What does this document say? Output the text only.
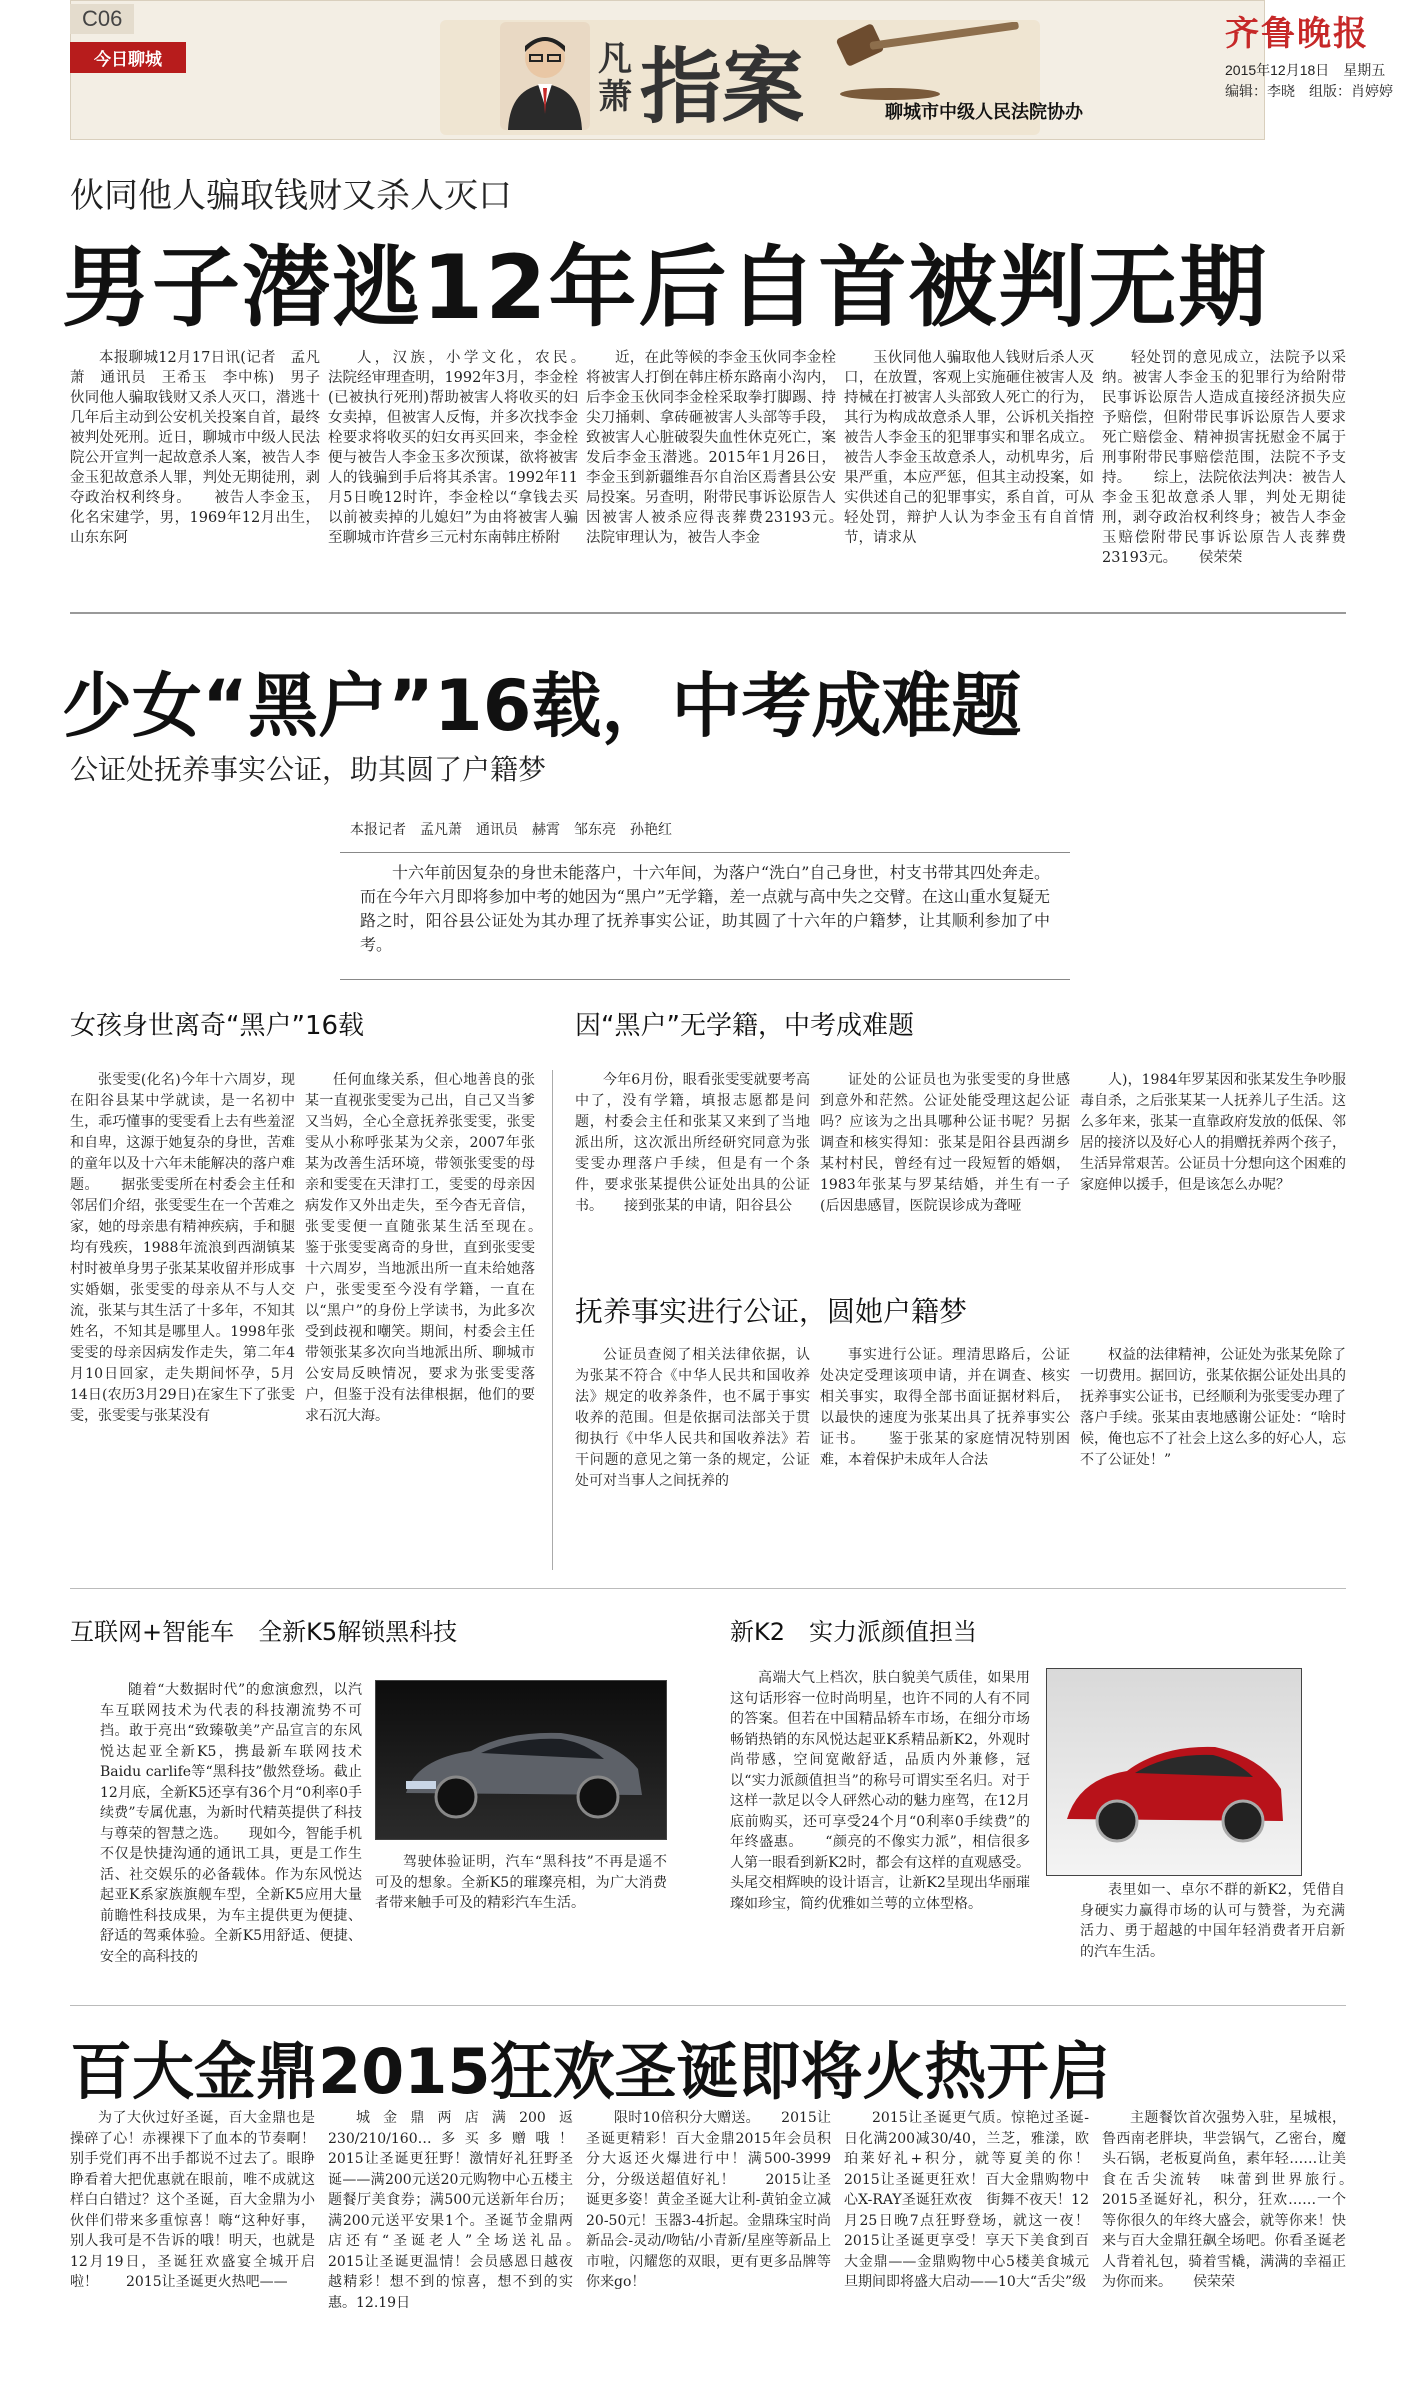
C06
今日聊城	凡萧 指案	聊城市中级人民法院协办
齐鲁晚报
2015年12月18日　星期五
编辑：李晓　组版：肖婷婷
伙同他人骗取钱财又杀人灭口
男子潜逃12年后自首被判无期

本报聊城12月17日讯(记者　孟凡萧　通讯员　王希玉　李中栋)　男子伙同他人骗取钱财又杀人灭口，潜逃十几年后主动到公安机关投案自首，最终被判处死刑。近日，聊城市中级人民法院公开宣判一起故意杀人案，被告人李金玉犯故意杀人罪，判处无期徒刑，剥夺政治权利终身。　　被告人李金玉，化名宋建学，男，1969年12月出生，山东东阿

人，汉族，小学文化，农民。　　法院经审理查明，1992年3月，李金栓(已被执行死刑)帮助被害人将收买的妇女卖掉，但被害人反悔，并多次找李金栓要求将收买的妇女再买回来，李金栓便与被告人李金玉多次预谋，欲将被害人的钱骗到手后将其杀害。1992年11月5日晚12时许，李金栓以“拿钱去买以前被卖掉的儿媳妇”为由将被害人骗至聊城市许营乡三元村东南韩庄桥附

近，在此等候的李金玉伙同李金栓将被害人打倒在韩庄桥东路南小沟内，后李金玉伙同李金栓采取拳打脚踢、持尖刀捅刺、拿砖砸被害人头部等手段，致被害人心脏破裂失血性休克死亡，案发后李金玉潜逃。2015年1月26日，李金玉到新疆维吾尔自治区焉耆县公安局投案。另查明，附带民事诉讼原告人因被害人被杀应得丧葬费23193元。　　法院审理认为，被告人李金

玉伙同他人骗取他人钱财后杀人灭口，在放置，客观上实施砸住被害人及持械在打被害人头部致人死亡的行为，其行为构成故意杀人罪，公诉机关指控被告人李金玉的犯罪事实和罪名成立。被告人李金玉故意杀人，动机卑劣，后果严重，本应严惩，但其主动投案，如实供述自己的犯罪事实，系自首，可从轻处罚，辩护人认为李金玉有自首情节，请求从

轻处罚的意见成立，法院予以采纳。被害人李金玉的犯罪行为给附带民事诉讼原告人造成直接经济损失应予赔偿，但附带民事诉讼原告人要求死亡赔偿金、精神损害抚慰金不属于刑事附带民事赔偿范围，法院不予支持。　　综上，法院依法判决：被告人李金玉犯故意杀人罪，判处无期徒刑，剥夺政治权利终身；被告人李金玉赔偿附带民事诉讼原告人丧葬费23193元。　　侯荣荣

少女“黑户”16载，中考成难题
公证处抚养事实公证，助其圆了户籍梦
本报记者　孟凡萧　通讯员　赫霄　邹东亮　孙艳红

十六年前因复杂的身世未能落户，十六年间，为落户“洗白”自己身世，村支书带其四处奔走。而在今年六月即将参加中考的她因为“黑户”无学籍，差一点就与高中失之交臂。在这山重水复疑无路之时，阳谷县公证处为其办理了抚养事实公证，助其圆了十六年的户籍梦，让其顺利参加了中考。

女孩身世离奇“黑户”16载	因“黑户”无学籍，中考成难题

张雯雯(化名)今年十六周岁，现在阳谷县某中学就读，是一名初中生，乖巧懂事的雯雯看上去有些羞涩和自卑，这源于她复杂的身世，苦难的童年以及十六年未能解决的落户难题。　　据张雯雯所在村委会主任和邻居们介绍，张雯雯生在一个苦难之家，她的母亲患有精神疾病，手和腿均有残疾，1988年流浪到西湖镇某村时被单身男子张某某收留并形成事实婚姻，张雯雯的母亲从不与人交流，张某与其生活了十多年，不知其姓名，不知其是哪里人。1998年张雯雯的母亲因病发作走失，第二年4月10日回家，走失期间怀孕，5月14日(农历3月29日)在家生下了张雯雯，张雯雯与张某没有

任何血缘关系，但心地善良的张某一直视张雯雯为己出，自己又当爹又当妈，全心全意抚养张雯雯，张雯雯从小称呼张某为父亲，2007年张某为改善生活环境，带领张雯雯的母亲和雯雯在天津打工，雯雯的母亲因病发作又外出走失，至今杳无音信，张雯雯便一直随张某生活至现在。　　鉴于张雯雯离奇的身世，直到张雯雯十六周岁，当地派出所一直未给她落户，张雯雯至今没有学籍，一直在以“黑户”的身份上学读书，为此多次受到歧视和嘲笑。期间，村委会主任带领张某多次向当地派出所、聊城市公安局反映情况，要求为张雯雯落户，但鉴于没有法律根据，他们的要求石沉大海。

今年6月份，眼看张雯雯就要考高中了，没有学籍，填报志愿都是问题，村委会主任和张某又来到了当地派出所，这次派出所经研究同意为张雯雯办理落户手续，但是有一个条件，要求张某提供公证处出具的公证书。　　接到张某的申请，阳谷县公

证处的公证员也为张雯雯的身世感到意外和茫然。公证处能受理这起公证吗？应该为之出具哪种公证书呢？另据调查和核实得知：张某是阳谷县西湖乡某村村民，曾经有过一段短暂的婚姻，1983年张某与罗某结婚，并生有一子(后因患感冒，医院误诊成为聋哑

人)，1984年罗某因和张某发生争吵服毒自杀，之后张某某一人抚养儿子生活。这么多年来，张某一直靠政府发放的低保、邻居的接济以及好心人的捐赠抚养两个孩子，生活异常艰苦。公证员十分想向这个困难的家庭伸以援手，但是该怎么办呢？

抚养事实进行公证，圆她户籍梦

公证员查阅了相关法律依据，认为张某不符合《中华人民共和国收养法》规定的收养条件，也不属于事实收养的范围。但是依据司法部关于贯彻执行《中华人民共和国收养法》若干问题的意见之第一条的规定，公证处可对当事人之间抚养的

事实进行公证。理清思路后，公证处决定受理该项申请，并在调查、核实相关事实，取得全部书面证据材料后，以最快的速度为张某出具了抚养事实公证书。　　鉴于张某的家庭情况特别困难，本着保护未成年人合法

权益的法律精神，公证处为张某免除了一切费用。据回访，张某依据公证处出具的抚养事实公证书，已经顺利为张雯雯办理了落户手续。张某由衷地感谢公证处：“啥时候，俺也忘不了社会上这么多的好心人，忘不了公证处！”

互联网+智能车　全新K5解锁黑科技	新K2　实力派颜值担当

随着“大数据时代”的愈演愈烈，以汽车互联网技术为代表的科技潮流势不可挡。敢于亮出“致臻敬美”产品宣言的东风悦达起亚全新K5，携最新车联网技术Baidu carlife等“黑科技”傲然登场。截止12月底，全新K5还享有36个月“0利率0手续费”专属优惠，为新时代精英提供了科技与尊荣的智慧之选。　　现如今，智能手机不仅是快捷沟通的通讯工具，更是工作生活、社交娱乐的必备载体。作为东风悦达起亚K系家族旗舰车型，全新K5应用大量前瞻性科技成果，为车主提供更为便捷、舒适的驾乘体验。全新K5用舒适、便捷、安全的高科技的

驾驶体验证明，汽车“黑科技”不再是遥不可及的想象。全新K5的璀璨亮相，为广大消费者带来触手可及的精彩汽车生活。

高端大气上档次，肤白貌美气质佳，如果用这句话形容一位时尚明星，也许不同的人有不同的答案。但若在中国精品轿车市场，在细分市场畅销热销的东风悦达起亚K系精品新K2，外观时尚带感，空间宽敞舒适，品质内外兼修，冠以“实力派颜值担当”的称号可谓实至名归。对于这样一款足以令人砰然心动的魅力座驾，在12月底前购买，还可享受24个月“0利率0手续费”的年终盛惠。　　“颜亮的不像实力派”，相信很多人第一眼看到新K2时，都会有这样的直观感受。头尾交相辉映的设计语言，让新K2呈现出华丽璀璨如珍宝，简约优雅如兰萼的立体型格。

表里如一、卓尔不群的新K2，凭借自身硬实力赢得市场的认可与赞誉，为充满活力、勇于超越的中国年轻消费者开启新的汽车生活。

百大金鼎2015狂欢圣诞即将火热开启

为了大伙过好圣诞，百大金鼎也是操碎了心！赤裸裸下了血本的节奏啊！别手党们再不出手都说不过去了。眼睁睁看着大把优惠就在眼前，唯不成就这样白白错过？这个圣诞，百大金鼎为小伙伴们带来多重惊喜！嗨“这种好事，别人我可是不告诉的哦！明天，也就是12月19日，圣诞狂欢盛宴全城开启啦！　　2015让圣诞更火热吧——

城金鼎两店满200返230/210/160…多买多赠哦！　　2015让圣诞更狂野！激情好礼狂野圣诞——满200元送20元购物中心五楼主题餐厅美食券；满500元送新年台历；满200元送平安果1个。圣诞节金鼎两店还有“圣诞老人”全场送礼品。　　2015让圣诞更温情！会员感恩日越夜越精彩！想不到的惊喜，想不到的实惠。12.19日

限时10倍积分大赠送。　　2015让圣诞更精彩！百大金鼎2015年会员积分大返还火爆进行中！满500-3999分，分级送超值好礼！　　2015让圣诞更多姿！黄金圣诞大让利-黄铂金立减20-50元！玉器3-4折起。金鼎珠宝时尚新品会-灵动/吻钻/小青新/星座等新品上市啦，闪耀您的双眼，更有更多品牌等你来go！

2015让圣诞更气质。惊艳过圣诞-日化满200减30/40，兰芝，雅漾，欧珀莱好礼+积分，就等夏美的你！　　2015让圣诞更狂欢！百大金鼎购物中心X-RAY圣诞狂欢夜　街舞不夜天！12月25日晚7点狂野登场，就这一夜！　　2015让圣诞更享受！享天下美食到百大金鼎——金鼎购物中心5楼美食城元旦期间即将盛大启动——10大“舌尖”级

主题餐饮首次强势入驻，星城根，鲁西南老胖块，芈尝锅气，乙密台，魔头石锅，老板夏尚鱼，素年轻……让美食在舌尖流转　味蕾到世界旅行。　　2015圣诞好礼，积分，狂欢……一个等你很久的年终大盛会，就等你来！快来与百大金鼎狂飙全场吧。你看圣诞老人背着礼包，骑着雪橇，满满的幸福正为你而来。　　侯荣荣
